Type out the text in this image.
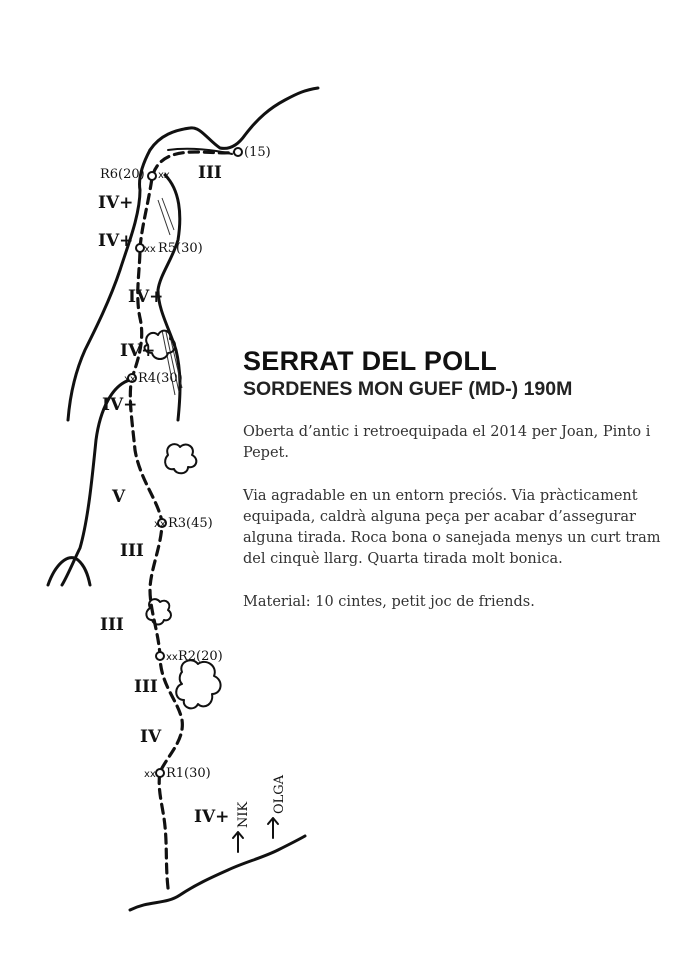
R6(20)
R5(30)
R4(30)
R3(45)
R2(20)
R1(30)
(15)
xx
xx
xx
xx
xx
xx
III
IV+
IV+
IV+
IV+
IV+
V
III
III
III
IV
IV+ NIK
OLGA
SERRAT DEL POLL
SORDENES MON GUEF (MD-) 190M

Oberta d’antic i retroequipada el 2014 per Joan, Pinto i Pepet.

Via agradable en un entorn preciós. Via pràcticament equipada, caldrà alguna peça per acabar d’assegurar alguna tirada. Roca bona o sanejada menys un curt tram del cinquè llarg. Quarta tirada molt bonica.

Material: 10 cintes, petit joc de friends.
